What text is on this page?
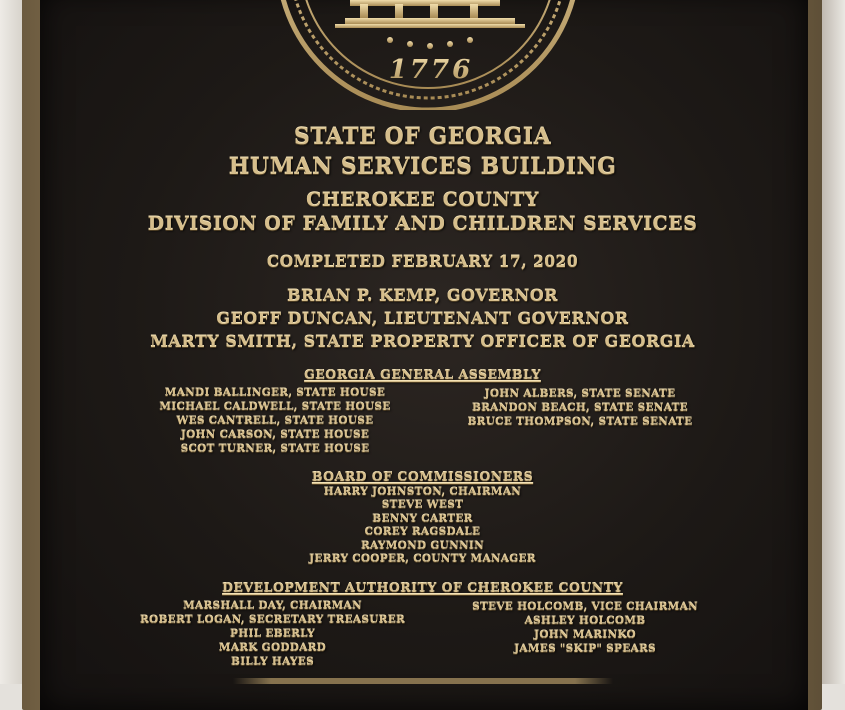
1776
STATE OF GEORGIA
HUMAN SERVICES BUILDING
CHEROKEE COUNTY
DIVISION OF FAMILY AND CHILDREN SERVICES
COMPLETED FEBRUARY 17, 2020
BRIAN P. KEMP, GOVERNOR
GEOFF DUNCAN, LIEUTENANT GOVERNOR
MARTY SMITH, STATE PROPERTY OFFICER OF GEORGIA
GEORGIA GENERAL ASSEMBLY
MANDI BALLINGER, STATE HOUSE
MICHAEL CALDWELL, STATE HOUSE
WES CANTRELL, STATE HOUSE
JOHN CARSON, STATE HOUSE
SCOT TURNER, STATE HOUSE
JOHN ALBERS, STATE SENATE
BRANDON BEACH, STATE SENATE
BRUCE THOMPSON, STATE SENATE
BOARD OF COMMISSIONERS
HARRY JOHNSTON, CHAIRMAN
STEVE WEST
BENNY CARTER
COREY RAGSDALE
RAYMOND GUNNIN
JERRY COOPER, COUNTY MANAGER
DEVELOPMENT AUTHORITY OF CHEROKEE COUNTY
MARSHALL DAY, CHAIRMAN
ROBERT LOGAN, SECRETARY TREASURER
PHIL EBERLY
MARK GODDARD
BILLY HAYES
STEVE HOLCOMB, VICE CHAIRMAN
ASHLEY HOLCOMB
JOHN MARINKO
JAMES "SKIP" SPEARS
